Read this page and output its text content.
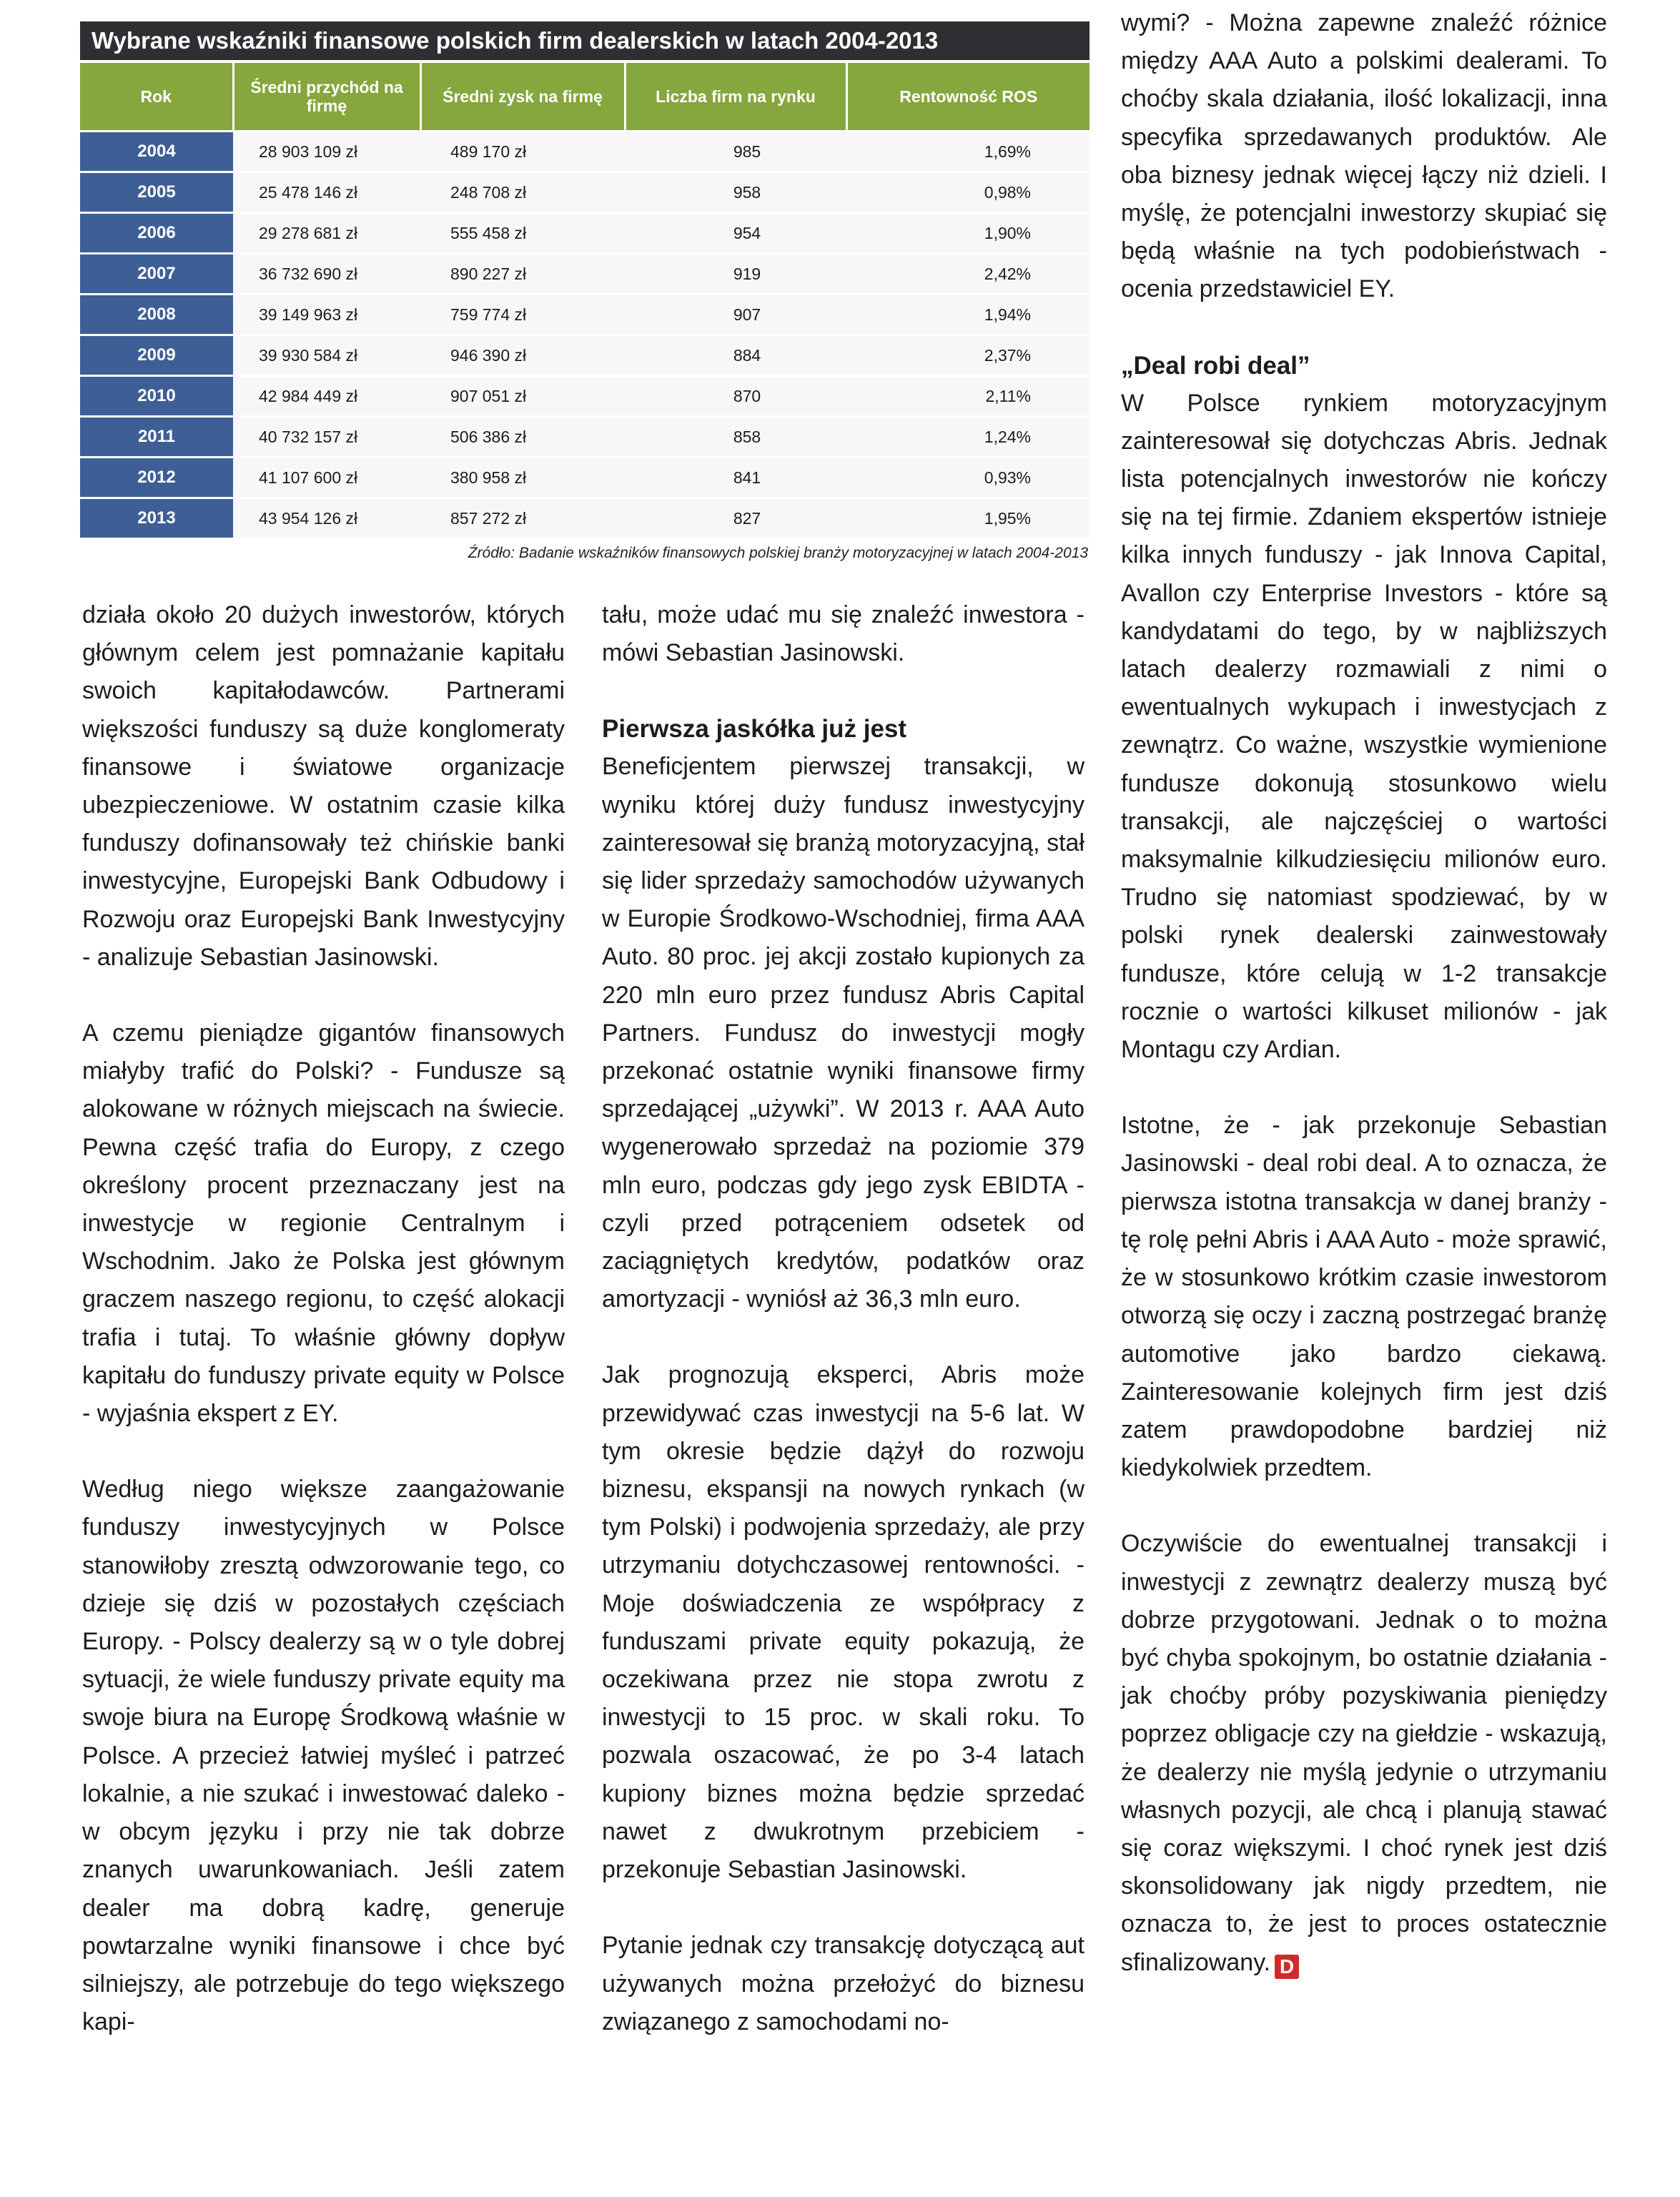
Wybrane wskaźniki finansowe polskich firm dealerskich w latach 2004-2013
Rok	Średni przychód na firmę	Średni zysk na firmę	Liczba firm na rynku	Rentowność ROS
2004	28 903 109 zł	489 170 zł	985	1,69%
2005	25 478 146 zł	248 708 zł	958	0,98%
2006	29 278 681 zł	555 458 zł	954	1,90%
2007	36 732 690 zł	890 227 zł	919	2,42%
2008	39 149 963 zł	759 774 zł	907	1,94%
2009	39 930 584 zł	946 390 zł	884	2,37%
2010	42 984 449 zł	907 051 zł	870	2,11%
2011	40 732 157 zł	506 386 zł	858	1,24%
2012	41 107 600 zł	380 958 zł	841	0,93%
2013	43 954 126 zł	857 272 zł	827	1,95%
Źródło: Badanie wskaźników finansowych polskiej branży motoryzacyjnej w latach 2004-2013

działa około 20 dużych inwestorów, których głównym celem jest pomnażanie kapitału swoich kapitałodawców. Partnerami większości funduszy są duże konglomeraty finansowe i światowe organizacje ubezpieczeniowe. W ostatnim czasie kilka funduszy dofinansowały też chińskie banki inwestycyjne, Europejski Bank Odbudowy i Rozwoju oraz Europejski Bank Inwestycyjny - analizuje Sebastian Jasinowski.

A czemu pieniądze gigantów finansowych miałyby trafić do Polski? - Fundusze są alokowane w różnych miejscach na świecie. Pewna część trafia do Europy, z czego określony procent przeznaczany jest na inwestycje w regionie Centralnym i Wschodnim. Jako że Polska jest głównym graczem naszego regionu, to część alokacji trafia i tutaj. To właśnie główny dopływ kapitału do funduszy private equity w Polsce - wyjaśnia ekspert z EY.

Według niego większe zaangażowanie funduszy inwestycyjnych w Polsce stanowiłoby zresztą odwzorowanie tego, co dzieje się dziś w pozostałych częściach Europy. - Polscy dealerzy są w o tyle dobrej sytuacji, że wiele funduszy private equity ma swoje biura na Europę Środkową właśnie w Polsce. A przecież łatwiej myśleć i patrzeć lokalnie, a nie szukać i inwestować daleko - w obcym języku i przy nie tak dobrze znanych uwarunkowaniach. Jeśli zatem dealer ma dobrą kadrę, generuje powtarzalne wyniki finansowe i chce być silniejszy, ale potrzebuje do tego większego kapi-

tału, może udać mu się znaleźć inwestora - mówi Sebastian Jasinowski.

Pierwsza jaskółka już jest

Beneficjentem pierwszej transakcji, w wyniku której duży fundusz inwestycyjny zainteresował się branżą motoryzacyjną, stał się lider sprzedaży samochodów używanych w Europie Środkowo-Wschodniej, firma AAA Auto. 80 proc. jej akcji zostało kupionych za 220 mln euro przez fundusz Abris Capital Partners. Fundusz do inwestycji mogły przekonać ostatnie wyniki finansowe firmy sprzedającej „używki”. W 2013 r. AAA Auto wygenerowało sprzedaż na poziomie 379 mln euro, podczas gdy jego zysk EBIDTA - czyli przed potrąceniem odsetek od zaciągniętych kredytów, podatków oraz amortyzacji - wyniósł aż 36,3 mln euro.

Jak prognozują eksperci, Abris może przewidywać czas inwestycji na 5-6 lat. W tym okresie będzie dążył do rozwoju biznesu, ekspansji na nowych rynkach (w tym Polski) i podwojenia sprzedaży, ale przy utrzymaniu dotychczasowej rentowności. - Moje doświadczenia ze współpracy z funduszami private equity pokazują, że oczekiwana przez nie stopa zwrotu z inwestycji to 15 proc. w skali roku. To pozwala oszacować, że po 3-4 latach kupiony biznes można będzie sprzedać nawet z dwukrotnym przebiciem - przekonuje Sebastian Jasinowski.

Pytanie jednak czy transakcję dotyczącą aut używanych można przełożyć do biznesu związanego z samochodami no-

wymi? - Można zapewne znaleźć różnice między AAA Auto a polskimi dealerami. To choćby skala działania, ilość lokalizacji, inna specyfika sprzedawanych produktów. Ale oba biznesy jednak więcej łączy niż dzieli. I myślę, że potencjalni inwestorzy skupiać się będą właśnie na tych podobieństwach - ocenia przedstawiciel EY.

„Deal robi deal”

W Polsce rynkiem motoryzacyjnym zainteresował się dotychczas Abris. Jednak lista potencjalnych inwestorów nie kończy się na tej firmie. Zdaniem ekspertów istnieje kilka innych funduszy - jak Innova Capital, Avallon czy Enterprise Investors - które są kandydatami do tego, by w najbliższych latach dealerzy rozmawiali z nimi o ewentualnych wykupach i inwestycjach z zewnątrz. Co ważne, wszystkie wymienione fundusze dokonują stosunkowo wielu transakcji, ale najczęściej o wartości maksymalnie kilkudziesięciu milionów euro. Trudno się natomiast spodziewać, by w polski rynek dealerski zainwestowały fundusze, które celują w 1-2 transakcje rocznie o wartości kilkuset milionów - jak Montagu czy Ardian.

Istotne, że - jak przekonuje Sebastian Jasinowski - deal robi deal. A to oznacza, że pierwsza istotna transakcja w danej branży - tę rolę pełni Abris i AAA Auto - może sprawić, że w stosunkowo krótkim czasie inwestorom otworzą się oczy i zaczną postrzegać branżę automotive jako bardzo ciekawą. Zainteresowanie kolejnych firm jest dziś zatem prawdopodobne bardziej niż kiedykolwiek przedtem.

Oczywiście do ewentualnej transakcji i inwestycji z zewnątrz dealerzy muszą być dobrze przygotowani. Jednak o to można być chyba spokojnym, bo ostatnie działania - jak choćby próby pozyskiwania pieniędzy poprzez obligacje czy na giełdzie - wskazują, że dealerzy nie myślą jedynie o utrzymaniu własnych pozycji, ale chcą i planują stawać się coraz większymi. I choć rynek jest dziś skonsolidowany jak nigdy przedtem, nie oznacza to, że jest to proces ostatecznie sfinalizowany. D
